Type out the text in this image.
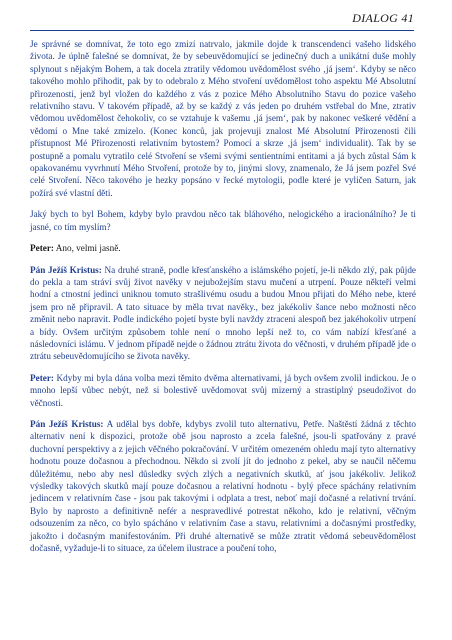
DIALOG 41

Je správné se domnívat, že toto ego zmizí natrvalo, jakmile dojde k transcendenci vašeho lidského života. Je úplně falešné se domnívat, že by sebeuvědomující se jedinečný duch a unikátní duše mohly splynout s nějakým Bohem, a tak docela ztratily vědomou uvědomělost svého ‚já jsem‘. Kdyby se něco takového mohlo přihodit, pak by to odebralo z Mého stvoření uvědomělost toho aspektu Mé Absolutní přirozenosti, jenž byl vložen do každého z vás z pozice Mého Absolutního Stavu do pozice vašeho relativního stavu. V takovém případě, až by se každý z vás jeden po druhém vstřebal do Mne, ztrativ vědomou uvědomělost čehokoliv, co se vztahuje k vašemu ‚já jsem‘, pak by nakonec veškeré vědění a vědomí o Mne také zmizelo. (Konec konců, jak projevuji znalost Mé Absolutní Přirozenosti čili přístupnost Mé Přirozenosti relativním bytostem? Pomocí a skrze ‚já jsem‘ individualit). Tak by se postupně a pomalu vytratilo celé Stvoření se všemi svými sentientními entitami a já bych zůstal Sám k opakovanému vyvrhnutí Mého Stvoření, protože by to, jinými slovy, znamenalo, že Já jsem pozřel Své celé Stvoření. Něco takového je hezky popsáno v řecké mytologii, podle které je vyličen Saturn, jak požírá své vlastní děti.

Jaký bych to byl Bohem, kdyby bylo pravdou něco tak bláhového, nelogického a iracionálního? Je ti jasné, co tím myslím?

Peter: Ano, velmi jasně.

Pán Ježíš Kristus: Na druhé straně, podle křesťanského a islámského pojetí, je-li někdo zlý, pak půjde do pekla a tam stráví svůj život navěky v nejubožejším stavu mučení a utrpení. Pouze někteří velmi hodní a ctnostní jedinci uniknou tomuto strašlivému osudu a budou Mnou přijati do Mého nebe, které jsem pro ně připravil. A tato situace by měla trvat navěky., bez jakékoliv šance nebo možnosti něco změnit nebo napravit. Podle indického pojetí byste byli navždy ztraceni alespoň bez jakéhokoliv utrpení a bídy. Ovšem určitým způsobem tohle není o mnoho lepší než to, co vám nabízí křesťané a následovníci islámu. V jednom případě nejde o žádnou ztrátu života do věčnosti, v druhém případě jde o ztrátu sebeuvědomujícího se života navěky.

Peter: Kdyby mi byla dána volba mezi těmito dvěma alternativami, já bych ovšem zvolil indickou. Je o mnoho lepší vůbec nebýt, než si bolestivě uvědomovat svůj mizerný a strastiplný pseudoživot do věčnosti.

Pán Ježíš Kristus: A udělal bys dobře, kdybys zvolil tuto alternativu, Petře. Naštěstí žádná z těchto alternativ není k dispozici, protože obě jsou naprosto a zcela falešné, jsou-li spatřovány z pravé duchovní perspektivy a z jejich věčného pokračování. V určitém omezeném ohledu mají tyto alternativy hodnotu pouze dočasnou a přechodnou. Někdo si zvolí jít do jednoho z pekel, aby se naučil něčemu důležitému, nebo aby nesl důsledky svých zlých a negativních skutků, ať jsou jakékoliv. Jelikož výsledky takových skutků mají pouze dočasnou a relativní hodnotu - bylý přece spáchány relativním jedincem v relativním čase - jsou pak takovými i odplata a trest, neboť mají dočasné a relativní trvání. Bylo by naprosto a definitivně nefér a nespravedlivé potrestat někoho, kdo je relativní, věčným odsouzením za něco, co bylo spácháno v relativním čase a stavu, relativními a dočasnými prostředky, jakožto i dočasným manifestováním. Při druhé alternativě se může ztratit vědomá sebeuvědomělost dočasně, vyžaduje-li to situace, za účelem ilustrace a poučení toho,
